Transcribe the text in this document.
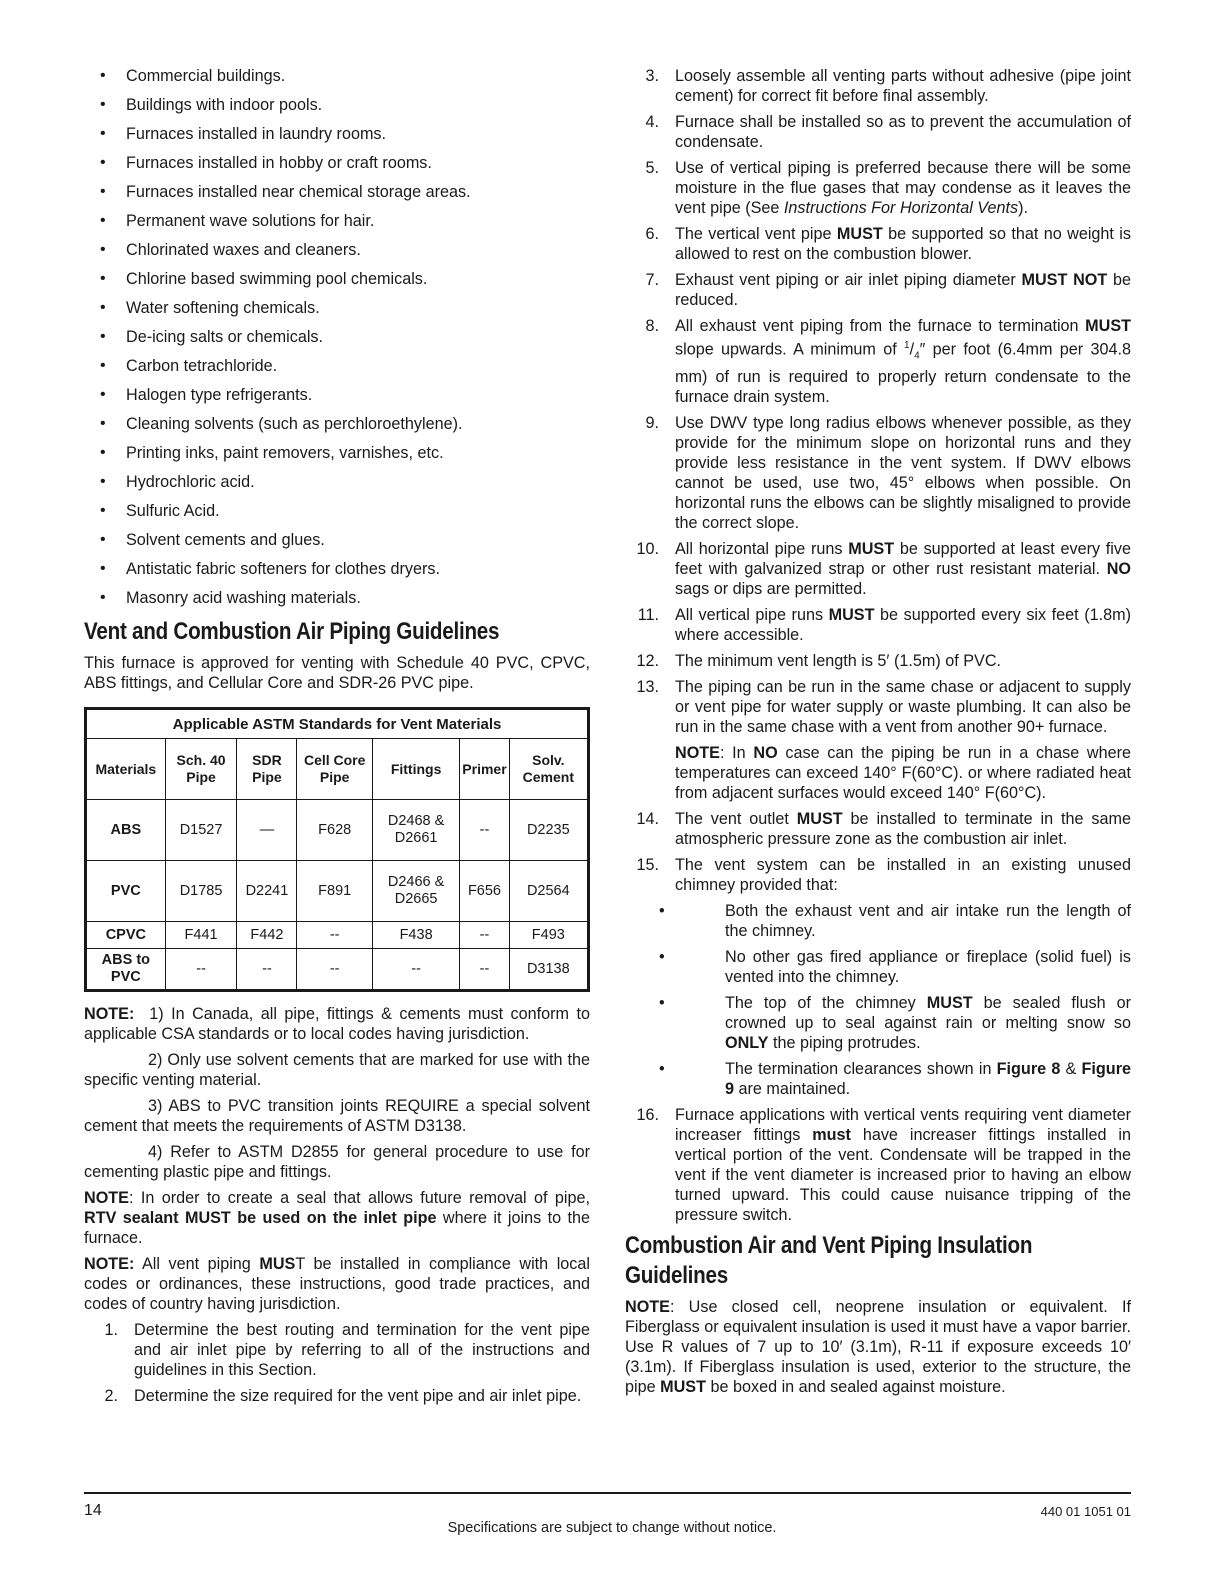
• Commercial buildings.
• Buildings with indoor pools.
• Furnaces installed in laundry rooms.
• Furnaces installed in hobby or craft rooms.
• Furnaces installed near chemical storage areas.
• Permanent wave solutions for hair.
• Chlorinated waxes and cleaners.
• Chlorine based swimming pool chemicals.
• Water softening chemicals.
• De-icing salts or chemicals.
• Carbon tetrachloride.
• Halogen type refrigerants.
• Cleaning solvents (such as perchloroethylene).
• Printing inks, paint removers, varnishes, etc.
• Hydrochloric acid.
• Sulfuric Acid.
• Solvent cements and glues.
• Antistatic fabric softeners for clothes dryers.
• Masonry acid washing materials.
Vent and Combustion Air Piping Guidelines

This furnace is approved for venting with Schedule 40 PVC, CPVC, ABS fittings, and Cellular Core and SDR-26 PVC pipe.

Applicable ASTM Standards for Vent Materials						
Materials	Sch. 40 Pipe	SDR Pipe	Cell Core Pipe	Fittings	Primer	Solv. Cement
ABS	D1527	—	F628	D2468 & D2661	--	D2235
PVC	D1785	D2241	F891	D2466 & D2665	F656	D2564
CPVC	F441	F442	--	F438	--	F493
ABS to PVC	--	--	--	--	--	D3138

NOTE: 1) In Canada, all pipe, fittings & cements must conform to applicable CSA standards or to local codes having jurisdiction.

2) Only use solvent cements that are marked for use with the specific venting material.

3) ABS to PVC transition joints REQUIRE a special solvent cement that meets the requirements of ASTM D3138.

4) Refer to ASTM D2855 for general procedure to use for cementing plastic pipe and fittings.

NOTE: In order to create a seal that allows future removal of pipe, RTV sealant MUST be used on the inlet pipe where it joins to the furnace.

NOTE: All vent piping MUST be installed in compliance with local codes or ordinances, these instructions, good trade practices, and codes of country having jurisdiction.

1. Determine the best routing and termination for the vent pipe and air inlet pipe by referring to all of the instructions and guidelines in this Section.
2. Determine the size required for the vent pipe and air inlet pipe.
3. Loosely assemble all venting parts without adhesive (pipe joint cement) for correct fit before final assembly.
4. Furnace shall be installed so as to prevent the accumulation of condensate.
5. Use of vertical piping is preferred because there will be some moisture in the flue gases that may condense as it leaves the vent pipe (See Instructions For Horizontal Vents).
6. The vertical vent pipe MUST be supported so that no weight is allowed to rest on the combustion blower.
7. Exhaust vent piping or air inlet piping diameter MUST NOT be reduced.
8. All exhaust vent piping from the furnace to termination MUST slope upwards. A minimum of $^1/_4''$ per foot (6.4mm per 304.8 mm) of run is required to properly return condensate to the furnace drain system.
9. Use DWV type long radius elbows whenever possible, as they provide for the minimum slope on horizontal runs and they provide less resistance in the vent system. If DWV elbows cannot be used, use two, 45° elbows when possible. On horizontal runs the elbows can be slightly misaligned to provide the correct slope.
10. All horizontal pipe runs MUST be supported at least every five feet with galvanized strap or other rust resistant material. NO sags or dips are permitted.
11. All vertical pipe runs MUST be supported every six feet (1.8m) where accessible.
12. The minimum vent length is 5′ (1.5m) of PVC.
13. The piping can be run in the same chase or adjacent to supply or vent pipe for water supply or waste plumbing. It can also be run in the same chase with a vent from another 90+ furnace.
NOTE: In NO case can the piping be run in a chase where temperatures can exceed 140° F(60°C). or where radiated heat from adjacent surfaces would exceed 140° F(60°C).
14. The vent outlet MUST be installed to terminate in the same atmospheric pressure zone as the combustion air inlet.
15. The vent system can be installed in an existing unused chimney provided that:
• Both the exhaust vent and air intake run the length of the chimney.
• No other gas fired appliance or fireplace (solid fuel) is vented into the chimney.
• The top of the chimney MUST be sealed flush or crowned up to seal against rain or melting snow so ONLY the piping protrudes.
• The termination clearances shown in Figure 8 & Figure 9 are maintained.
16. Furnace applications with vertical vents requiring vent diameter increaser fittings must have increaser fittings installed in vertical portion of the vent. Condensate will be trapped in the vent if the vent diameter is increased prior to having an elbow turned upward. This could cause nuisance tripping of the pressure switch.
Combustion Air and Vent Piping Insulation Guidelines

NOTE: Use closed cell, neoprene insulation or equivalent. If Fiberglass or equivalent insulation is used it must have a vapor barrier. Use R values of 7 up to 10′ (3.1m), R-11 if exposure exceeds 10′ (3.1m). If Fiberglass insulation is used, exterior to the structure, the pipe MUST be boxed in and sealed against moisture.

14	440 01 1051 01
Specifications are subject to change without notice.
